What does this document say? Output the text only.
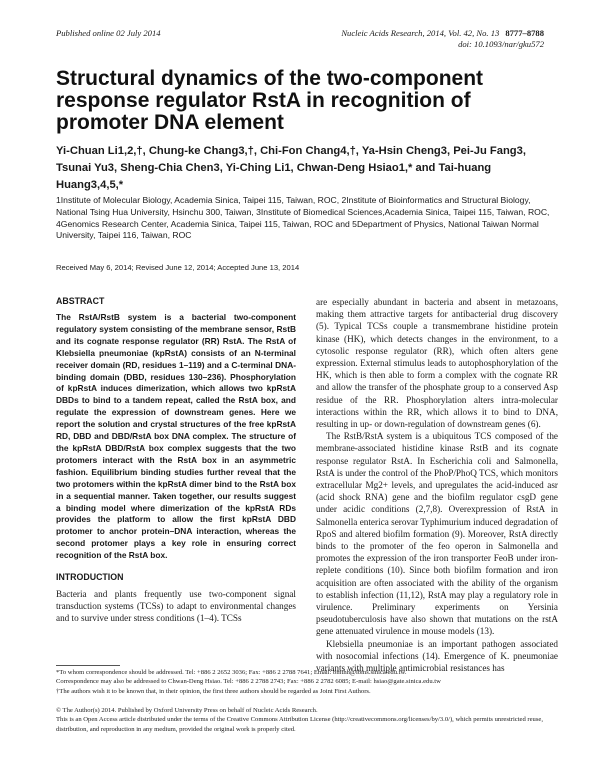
Published online 02 July 2014	Nucleic Acids Research, 2014, Vol. 42, No. 13 8777–8788
doi: 10.1093/nar/gku572
Structural dynamics of the two-component response regulator RstA in recognition of promoter DNA element
Yi-Chuan Li1,2,†, Chung-ke Chang3,†, Chi-Fon Chang4,†, Ya-Hsin Cheng3, Pei-Ju Fang3, Tsunai Yu3, Sheng-Chia Chen3, Yi-Ching Li1, Chwan-Deng Hsiao1,* and Tai-huang Huang3,4,5,*
1Institute of Molecular Biology, Academia Sinica, Taipei 115, Taiwan, ROC, 2Institute of Bioinformatics and Structural Biology, National Tsing Hua University, Hsinchu 300, Taiwan, 3Institute of Biomedical Sciences,Academia Sinica, Taipei 115, Taiwan, ROC, 4Genomics Research Center, Academia Sinica, Taipei 115, Taiwan, ROC and 5Department of Physics, National Taiwan Normal University, Taipei 116, Taiwan, ROC
Received May 6, 2014; Revised June 12, 2014; Accepted June 13, 2014
ABSTRACT

The RstA/RstB system is a bacterial two-component regulatory system consisting of the membrane sensor, RstB and its cognate response regulator (RR) RstA. The RstA of Klebsiella pneumoniae (kpRstA) consists of an N-terminal receiver domain (RD, residues 1–119) and a C-terminal DNA-binding domain (DBD, residues 130–236). Phosphorylation of kpRstA induces dimerization, which allows two kpRstA DBDs to bind to a tandem repeat, called the RstA box, and regulate the expression of downstream genes. Here we report the solution and crystal structures of the free kpRstA RD, DBD and DBD/RstA box DNA complex. The structure of the kpRstA DBD/RstA box complex suggests that the two protomers interact with the RstA box in an asymmetric fashion. Equilibrium binding studies further reveal that the two protomers within the kpRstA dimer bind to the RstA box in a sequential manner. Taken together, our results suggest a binding model where dimerization of the kpRstA RDs provides the platform to allow the first kpRstA DBD protomer to anchor protein–DNA interaction, whereas the second protomer plays a key role in ensuring correct recognition of the RstA box.

INTRODUCTION

Bacteria and plants frequently use two-component signal transduction systems (TCSs) to adapt to environmental changes and to survive under stress conditions (1–4). TCSs

are especially abundant in bacteria and absent in metazoans, making them attractive targets for antibacterial drug discovery (5). Typical TCSs couple a transmembrane histidine protein kinase (HK), which detects changes in the environment, to a cytosolic response regulator (RR), which often alters gene expression. External stimulus leads to autophosphorylation of the HK, which is then able to form a complex with the cognate RR and allow the transfer of the phosphate group to a conserved Asp residue of the RR. Phosphorylation alters intra-molecular interactions within the RR, which allows it to bind to DNA, resulting in up- or down-regulation of downstream genes (6).

The RstB/RstA system is a ubiquitous TCS composed of the membrane-associated histidine kinase RstB and its cognate response regulator RstA. In Escherichia coli and Salmonella, RstA is under the control of the PhoP/PhoQ TCS, which monitors extracellular Mg2+ levels, and upregulates the acid-induced asr (acid shock RNA) gene and the biofilm regulator csgD gene under acidic conditions (2,7,8). Overexpression of RstA in Salmonella enterica serovar Typhimurium induced degradation of RpoS and altered biofilm formation (9). Moreover, RstA directly binds to the promoter of the feo operon in Salmonella and promotes the expression of the iron transporter FeoB under iron-replete conditions (10). Since both biofilm formation and iron acquisition are often associated with the ability of the organism to establish infection (11,12), RstA may play a regulatory role in virulence. Preliminary experiments on Yersinia pseudotuberculosis have also shown that mutations on the rstA gene attenuated virulence in mouse models (13).

Klebsiella pneumoniae is an important pathogen associated with nosocomial infections (14). Emergence of K. pneumoniae variants with multiple antimicrobial resistances has

*To whom correspondence should be addressed. Tel: +886 2 2652 3036; Fax: +886 2 2788 7641; Email: bmthh@ibms.sinica.edu.tw.
Correspondence may also be addressed to Chwan-Deng Hsiao. Tel: +886 2 2788 2743; Fax: +886 2 2782 6085; E-mail: hsiao@gate.sinica.edu.tw
†The authors wish it to be known that, in their opinion, the first three authors should be regarded as Joint First Authors.
© The Author(s) 2014. Published by Oxford University Press on behalf of Nucleic Acids Research.
This is an Open Access article distributed under the terms of the Creative Commons Attribution License (http://creativecommons.org/licenses/by/3.0/), which permits unrestricted reuse, distribution, and reproduction in any medium, provided the original work is properly cited.
